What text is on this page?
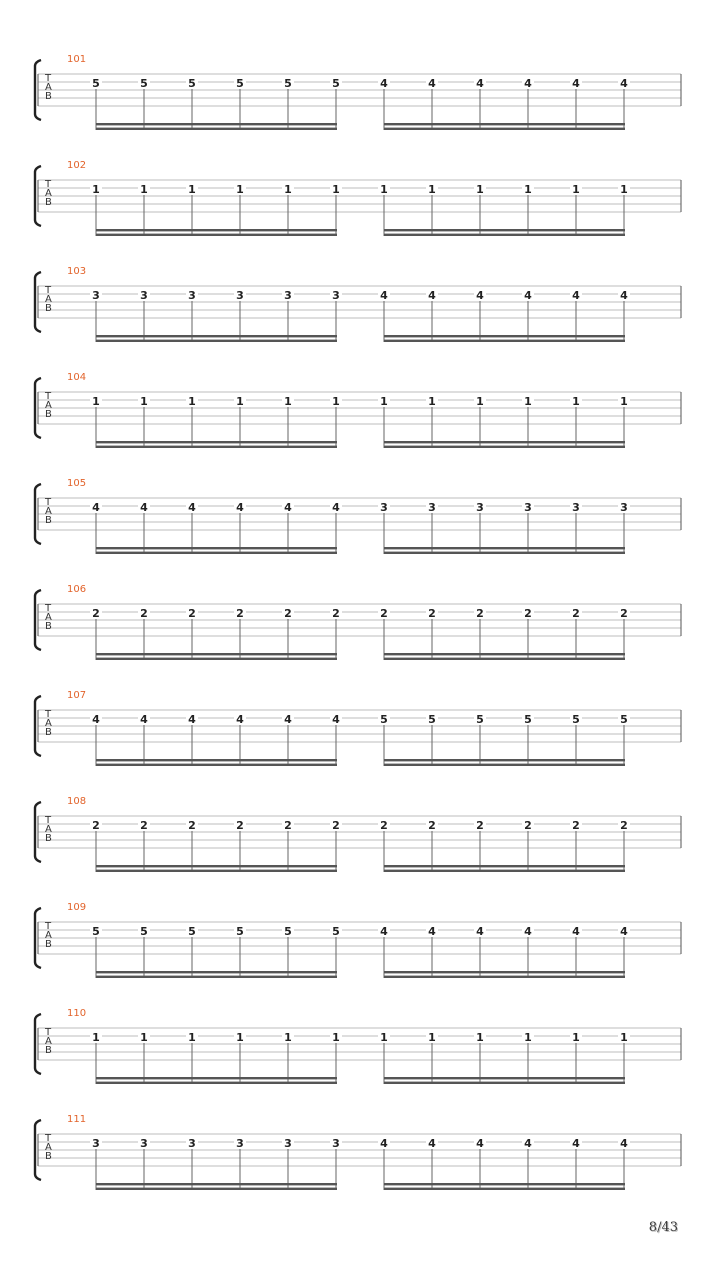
T
A
B
101
5	5	5	5	5	5	4	4	4	4	4	4
T
A
B
102
1	1	1	1	1	1	1	1	1	1	1	1
T
A
B
103
3	3	3	3	3	3	4	4	4	4	4	4
T
A
B
104
1	1	1	1	1	1	1	1	1	1	1	1
T
A
B
105
4	4	4	4	4	4	3	3	3	3	3	3
T
A
B
106
2	2	2	2	2	2	2	2	2	2	2	2
T
A
B
107
4	4	4	4	4	4	5	5	5	5	5	5
T
A
B
108
2	2	2	2	2	2	2	2	2	2	2	2
T
A
B
109
5	5	5	5	5	5	4	4	4	4	4	4
T
A
B
110
1	1	1	1	1	1	1	1	1	1	1	1
T
A
B
111
3	3	3	3	3	3	4	4	4	4	4	4
8/43
